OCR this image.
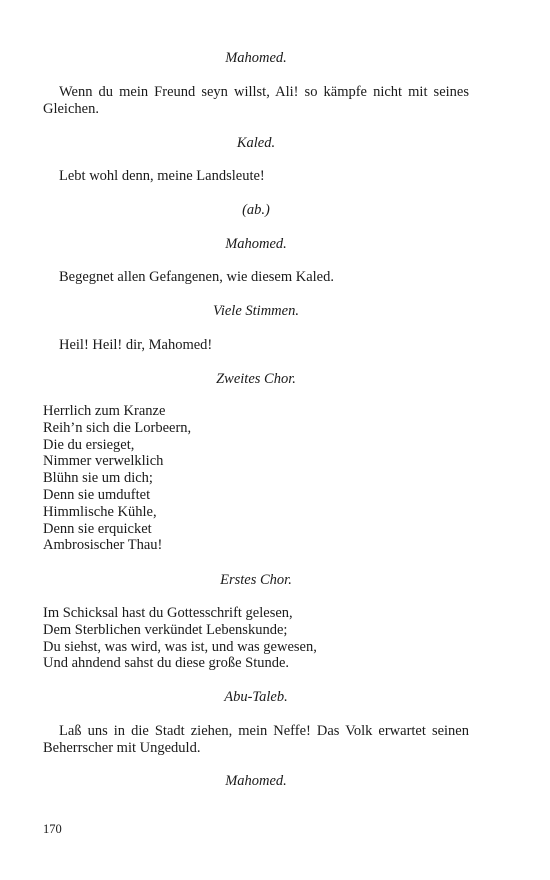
Mahomed.
Wenn du mein Freund seyn willst, Ali! so kämpfe nicht mit seines Gleichen.
Kaled.
Lebt wohl denn, meine Landsleute!
(ab.)
Mahomed.
Begegnet allen Gefangenen, wie diesem Kaled.
Viele Stimmen.
Heil! Heil! dir, Mahomed!
Zweites Chor.
Herrlich zum Kranze
Reih’n sich die Lorbeern,
Die du ersieget,
Nimmer verwelklich
Blühn sie um dich;
Denn sie umduftet
Himmlische Kühle,
Denn sie erquicket
Ambrosischer Thau!
Erstes Chor.
Im Schicksal hast du Gottesschrift gelesen,
Dem Sterblichen verkündet Lebenskunde;
Du siehst, was wird, was ist, und was gewesen,
Und ahndend sahst du diese große Stunde.
Abu-Taleb.
Laß uns in die Stadt ziehen, mein Neffe! Das Volk erwartet seinen Beherrscher mit Ungeduld.
Mahomed.
170
